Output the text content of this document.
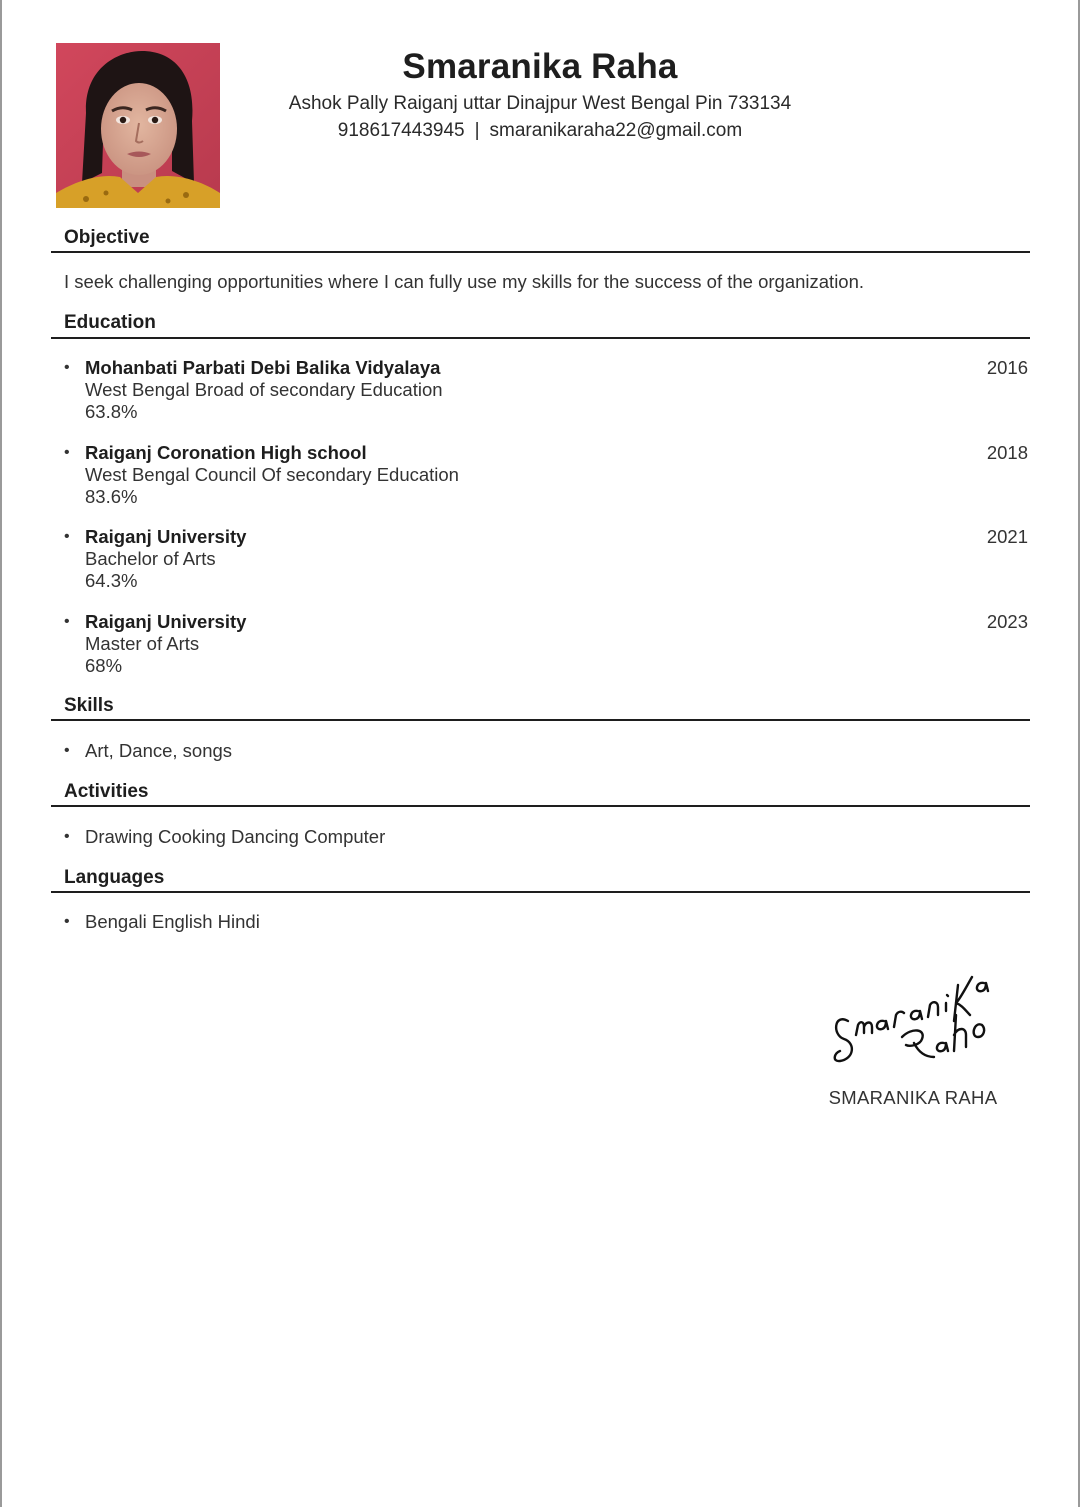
Smaranika Raha
Ashok Pally Raiganj uttar Dinajpur West Bengal Pin 733134
918617443945 | smaranikaraha22@gmail.com
Objective
I seek challenging opportunities where I can fully use my skills for the success of the organization.
Education
• Mohanbati Parbati Debi Balika Vidyalaya
West Bengal Broad of secondary Education
63.8%
2016
• Raiganj Coronation High school
West Bengal Council Of secondary Education
83.6%
2018
• Raiganj University
Bachelor of Arts
64.3%
2021
• Raiganj University
Master of Arts
68%
2023
Skills
• Art, Dance, songs
Activities
• Drawing Cooking Dancing Computer
Languages
• Bengali English Hindi
SMARANIKA RAHA
